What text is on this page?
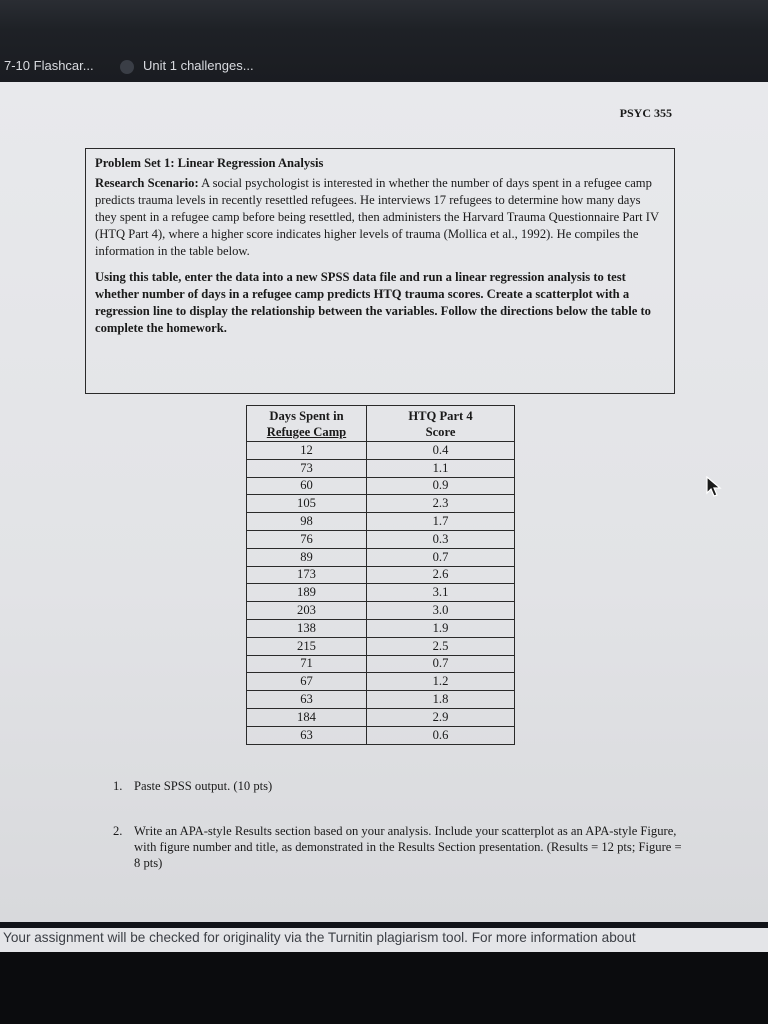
7-10 Flashcar...	Unit 1 challenges...
PSYC 355
Problem Set 1: Linear Regression Analysis
Research Scenario: A social psychologist is interested in whether the number of days spent in a refugee camp predicts trauma levels in recently resettled refugees. He interviews 17 refugees to determine how many days they spent in a refugee camp before being resettled, then administers the Harvard Trauma Questionnaire Part IV (HTQ Part 4), where a higher score indicates higher levels of trauma (Mollica et al., 1992). He compiles the information in the table below.
Using this table, enter the data into a new SPSS data file and run a linear regression analysis to test whether number of days in a refugee camp predicts HTQ trauma scores. Create a scatterplot with a regression line to display the relationship between the variables. Follow the directions below the table to complete the homework.
Days Spent in
Refugee Camp	HTQ Part 4
Score

12	0.4
73	1.1
60	0.9
105	2.3
98	1.7
76	0.3
89	0.7
173	2.6
189	3.1
203	3.0
138	1.9
215	2.5
71	0.7
67	1.2
63	1.8
184	2.9
63	0.6
1. Paste SPSS output. (10 pts)
2. Write an APA-style Results section based on your analysis. Include your scatterplot as an APA-style Figure, with figure number and title, as demonstrated in the Results Section presentation. (Results = 12 pts; Figure = 8 pts)
Your assignment will be checked for originality via the Turnitin plagiarism tool. For more information about
